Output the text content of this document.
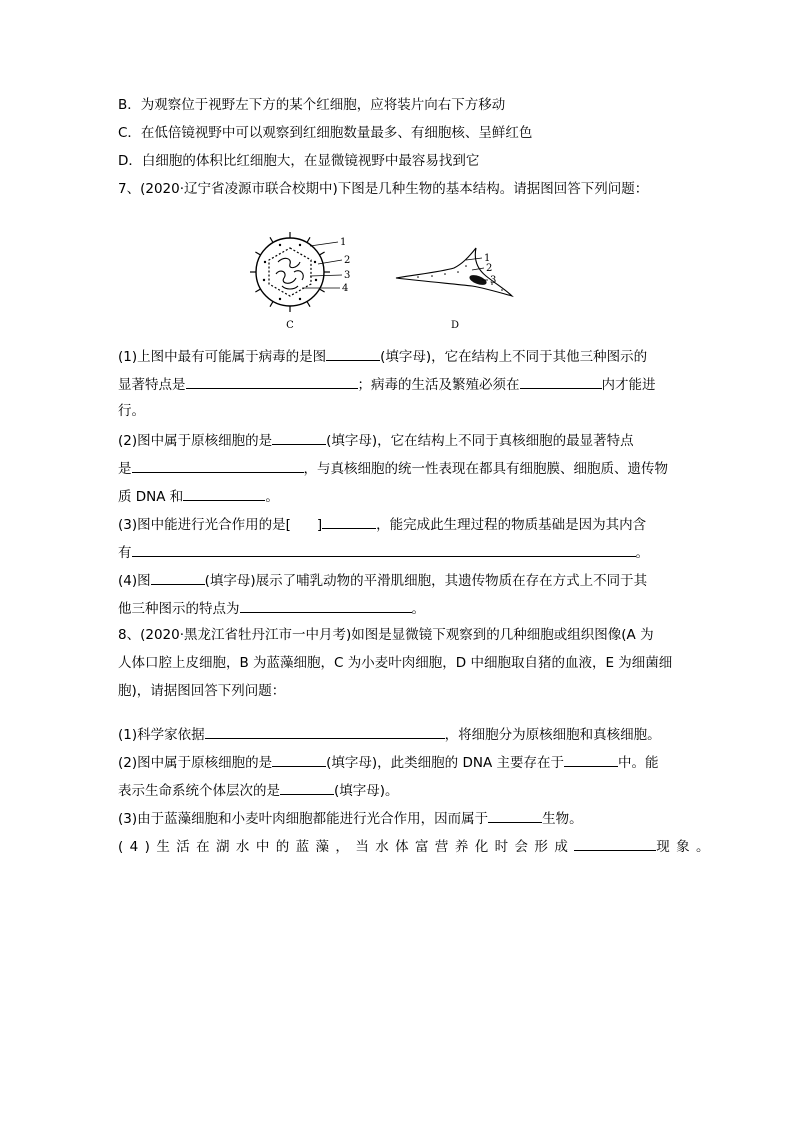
B．为观察位于视野左下方的某个红细胞，应将装片向右下方移动
C．在低倍镜视野中可以观察到红细胞数量最多、有细胞核、呈鲜红色
D．白细胞的体积比红细胞大，在显微镜视野中最容易找到它
7、(2020·辽宁省凌源市联合校期中)下图是几种生物的基本结构。请据图回答下列问题：
1
2
3
4
C
1
2
3
D
(1)上图中最有可能属于病毒的是图	(填字母)，它在结构上不同于其他三种图示的
显著特点是	；病毒的生活及繁殖必须在	内才能进
行。
(2)图中属于原核细胞的是	(填字母)，它在结构上不同于真核细胞的最显著特点
是	，与真核细胞的统一性表现在都具有细胞膜、细胞质、遗传物
质 DNA 和	。
(3)图中能进行光合作用的是[ ]	，能完成此生理过程的物质基础是因为其内含
有	。
(4)图	(填字母)展示了哺乳动物的平滑肌细胞，其遗传物质在存在方式上不同于其
他三种图示的特点为	。
8、(2020·黑龙江省牡丹江市一中月考)如图是显微镜下观察到的几种细胞或组织图像(A 为
人体口腔上皮细胞，B 为蓝藻细胞，C 为小麦叶肉细胞，D 中细胞取自猪的血液，E 为细菌细
胞)，请据图回答下列问题：
(1)科学家依据	，将细胞分为原核细胞和真核细胞。
(2)图中属于原核细胞的是	(填字母)，此类细胞的 DNA 主要存在于	中。能
表示生命系统个体层次的是	(填字母)。
(3)由于蓝藻细胞和小麦叶肉细胞都能进行光合作用，因而属于	生物。
(4)生活在湖水中的蓝藻，当水体富营养化时会形成	现象。
